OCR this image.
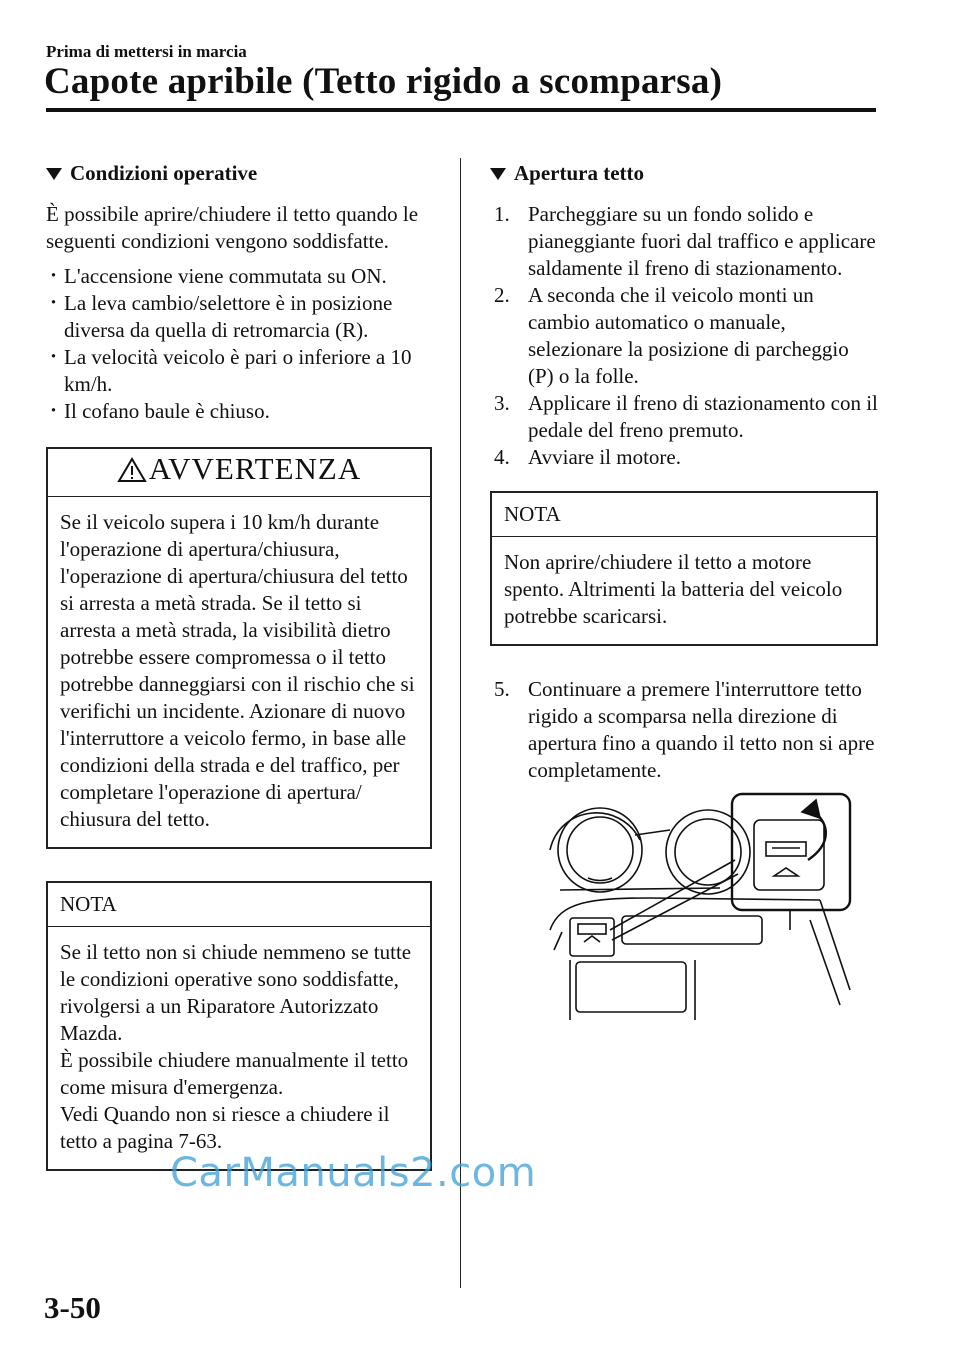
Prima di mettersi in marcia
Capote apribile (Tetto rigido a scomparsa)
Condizioni operative

È possibile aprire/chiudere il tetto quando le seguenti condizioni vengono soddisfatte.

· L'accensione viene commutata su ON.
· La leva cambio/selettore è in posizione diversa da quella di retromarcia (R).
· La velocità veicolo è pari o inferiore a 10 km/h.
· Il cofano baule è chiuso.
AVVERTENZA
Se il veicolo supera i 10 km/h durante l'operazione di apertura/chiusura, l'operazione di apertura/chiusura del tetto si arresta a metà strada. Se il tetto si arresta a metà strada, la visibilità dietro potrebbe essere compromessa o il tetto potrebbe danneggiarsi con il rischio che si verifichi un incidente. Azionare di nuovo l'interruttore a veicolo fermo, in base alle condizioni della strada e del traffico, per completare l'operazione di apertura/ chiusura del tetto.
NOTA
Se il tetto non si chiude nemmeno se tutte le condizioni operative sono soddisfatte, rivolgersi a un Riparatore Autorizzato Mazda.
È possibile chiudere manualmente il tetto come misura d'emergenza.
Vedi Quando non si riesce a chiudere il tetto a pagina 7-63.
Apertura tetto
1. Parcheggiare su un fondo solido e pianeggiante fuori dal traffico e applicare saldamente il freno di stazionamento.
2. A seconda che il veicolo monti un cambio automatico o manuale, selezionare la posizione di parcheggio (P) o la folle.
3. Applicare il freno di stazionamento con il pedale del freno premuto.
4. Avviare il motore.
NOTA
Non aprire/chiudere il tetto a motore spento. Altrimenti la batteria del veicolo potrebbe scaricarsi.
5. Continuare a premere l'interruttore tetto rigido a scomparsa nella direzione di apertura fino a quando il tetto non si apre completamente.
3-50
CarManuals2.com
